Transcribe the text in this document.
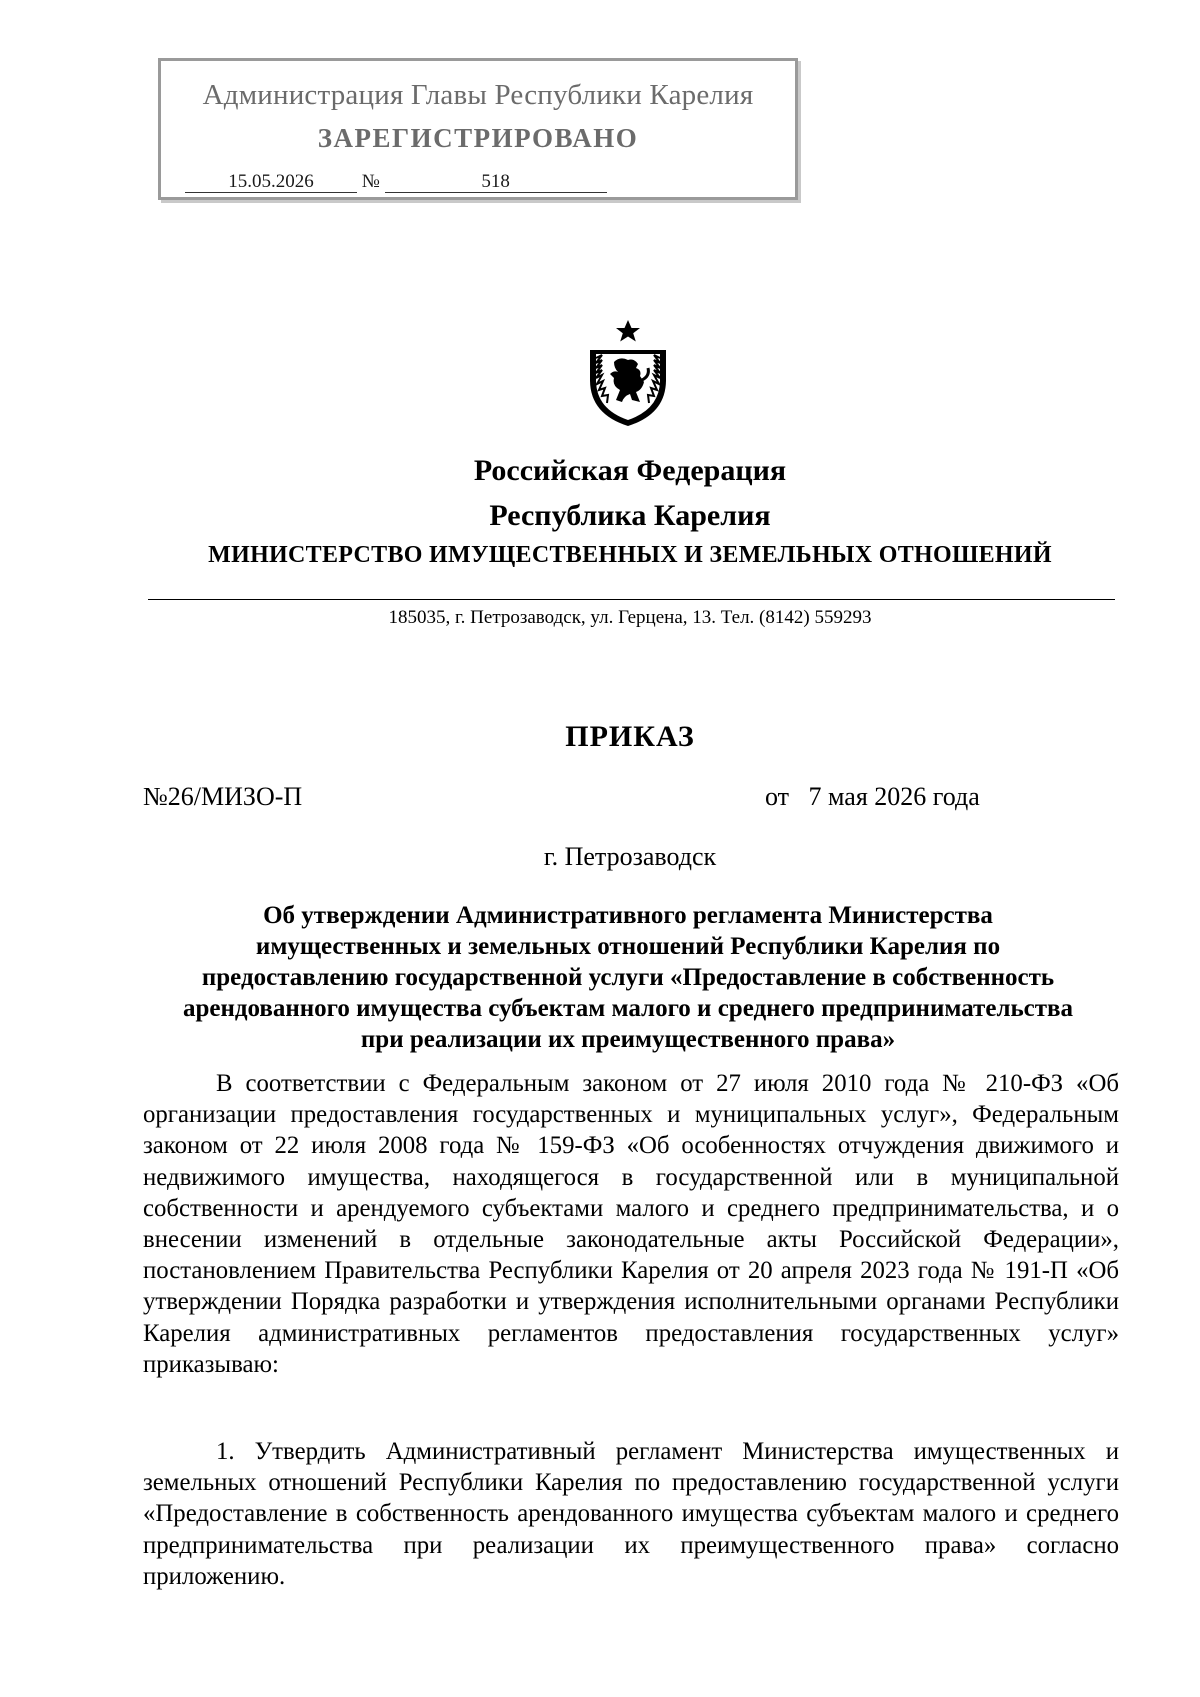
Администрация Главы Республики Карелия
ЗАРЕГИСТРИРОВАНО
15.05.2026	№	518
Российская Федерация
Республика Карелия
МИНИСТЕРСТВО ИМУЩЕСТВЕННЫХ И ЗЕМЕЛЬНЫХ ОТНОШЕНИЙ
185035, г. Петрозаводск, ул. Герцена, 13. Тел. (8142) 559293
ПРИКАЗ
№26/МИЗО-П	от   7 мая 2026 года
г. Петрозаводск
Об утверждении Административного регламента Министерства
имущественных и земельных отношений Республики Карелия по
предоставлению государственной услуги «Предоставление в собственность
арендованного имущества субъектам малого и среднего предпринимательства
при реализации их преимущественного права»

В соответствии с Федеральным законом от 27 июля 2010 года № 210-ФЗ «Об организации предоставления государственных и муниципальных услуг», Федеральным законом от 22 июля 2008 года № 159-ФЗ «Об особенностях отчуждения движимого и недвижимого имущества, находящегося в государственной или в муниципальной собственности и арендуемого субъектами малого и среднего предпринимательства, и о внесении изменений в отдельные законодательные акты Российской Федерации», постановлением Правительства Республики Карелия от 20 апреля 2023 года № 191-П «Об утверждении Порядка разработки и утверждения исполнительными органами Республики Карелия административных регламентов предоставления государственных услуг» приказываю:

1. Утвердить Административный регламент Министерства имущественных и земельных отношений Республики Карелия по предоставлению государственной услуги «Предоставление в собственность арендованного имущества субъектам малого и среднего предпринимательства при реализации их преимущественного права» согласно приложению.
